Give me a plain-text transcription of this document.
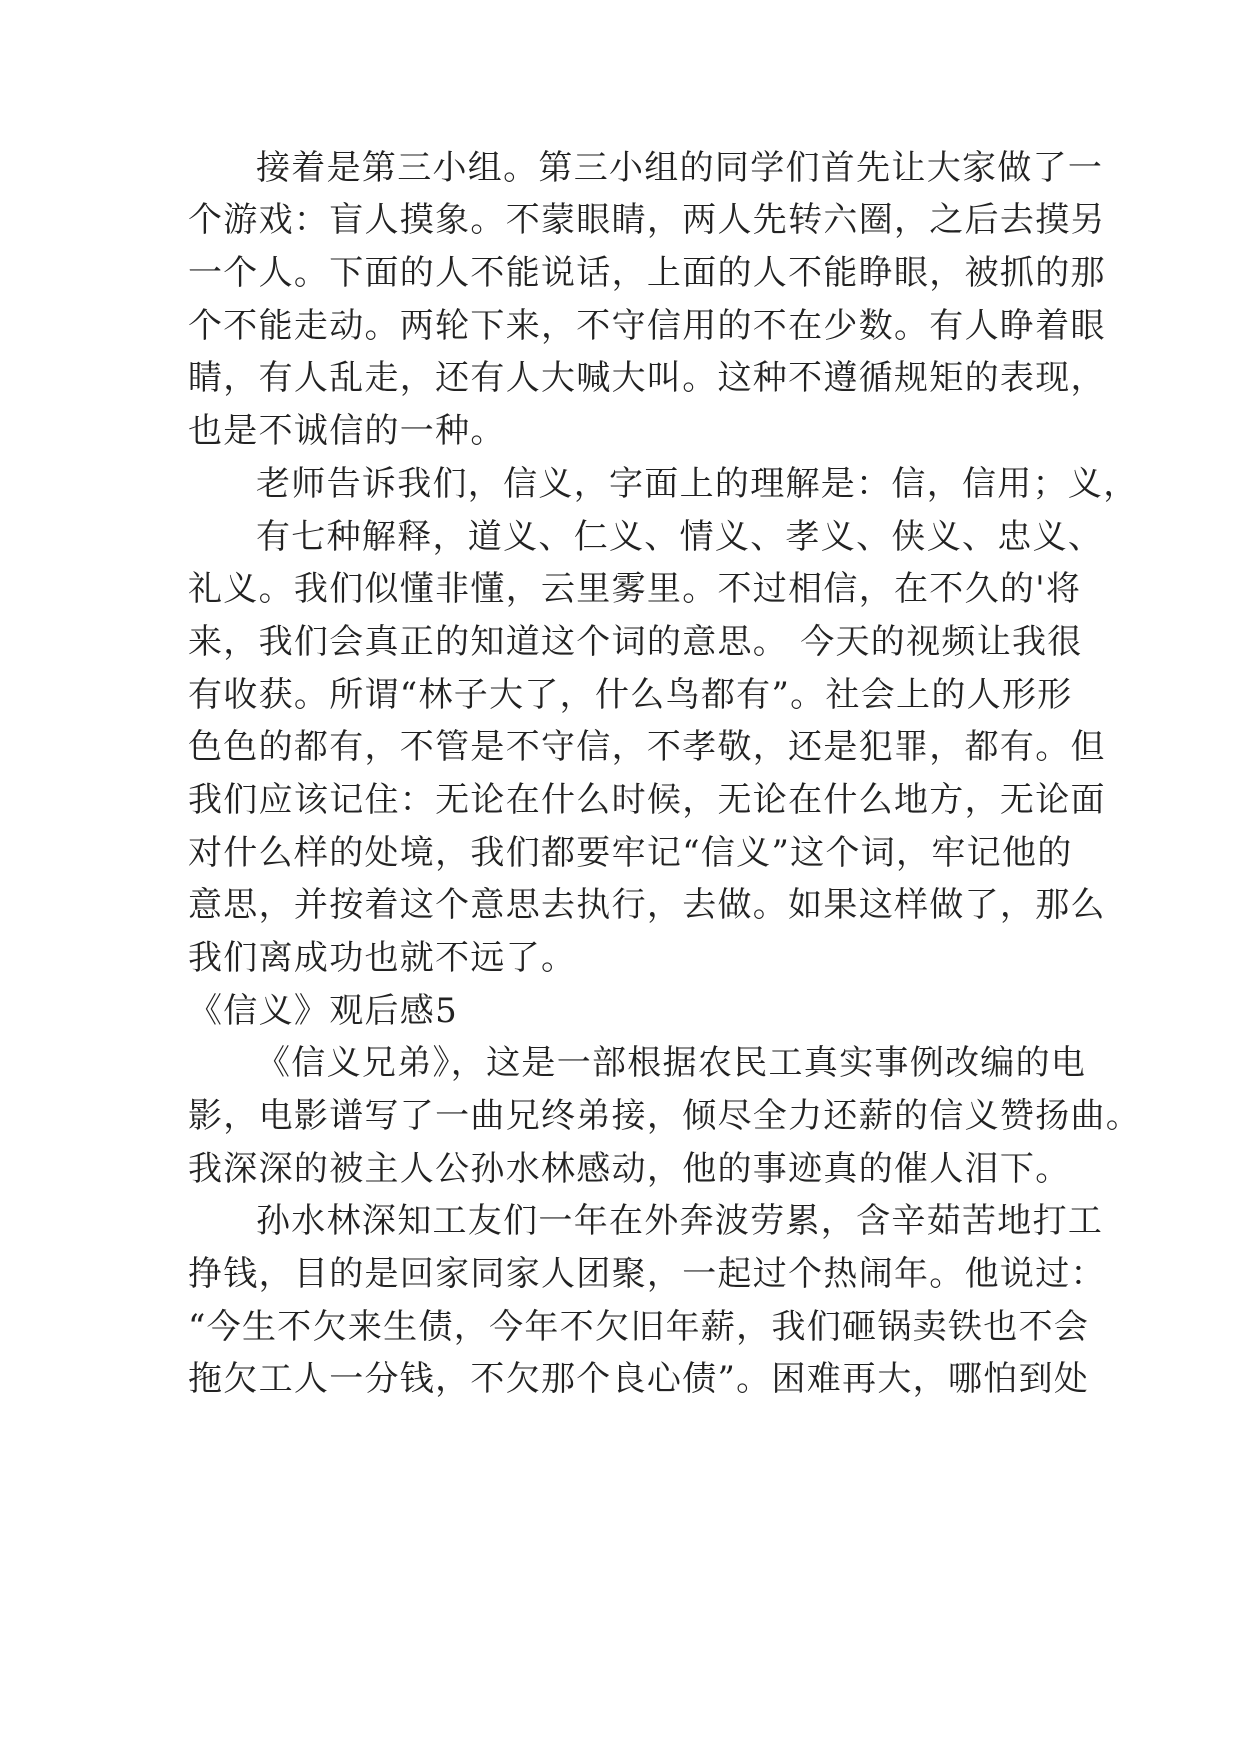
接着是第三小组。第三小组的同学们首先让大家做了一

个游戏：盲人摸象。不蒙眼睛，两人先转六圈，之后去摸另

一个人。下面的人不能说话，上面的人不能睁眼，被抓的那

个不能走动。两轮下来，不守信用的不在少数。有人睁着眼

睛，有人乱走，还有人大喊大叫。这种不遵循规矩的表现，

也是不诚信的一种。

老师告诉我们，信义，字面上的理解是：信，信用；义，

有七种解释，道义、仁义、情义、孝义、侠义、忠义、

礼义。我们似懂非懂，云里雾里。不过相信，在不久的'将

来，我们会真正的知道这个词的意思。 今天的视频让我很

有收获。所谓“林子大了，什么鸟都有”。社会上的人形形

色色的都有，不管是不守信，不孝敬，还是犯罪，都有。但

我们应该记住：无论在什么时候，无论在什么地方，无论面

对什么样的处境，我们都要牢记“信义”这个词，牢记他的

意思，并按着这个意思去执行，去做。如果这样做了，那么

我们离成功也就不远了。

《信义》观后感5

《信义兄弟》，这是一部根据农民工真实事例改编的电

影，电影谱写了一曲兄终弟接，倾尽全力还薪的信义赞扬曲。

我深深的被主人公孙水林感动，他的事迹真的催人泪下。

孙水林深知工友们一年在外奔波劳累，含辛茹苦地打工

挣钱，目的是回家同家人团聚，一起过个热闹年。他说过：

“今生不欠来生债，今年不欠旧年薪，我们砸锅卖铁也不会

拖欠工人一分钱，不欠那个良心债”。困难再大，哪怕到处
